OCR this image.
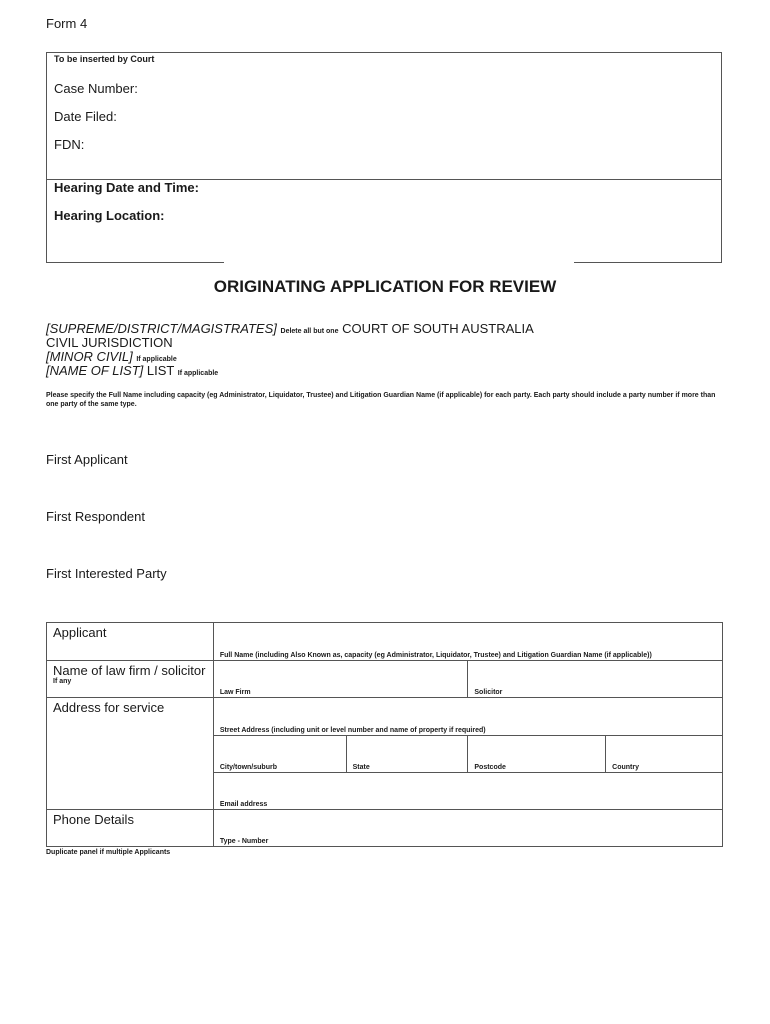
Form 4
To be inserted by Court
Case Number:
Date Filed:
FDN:
Hearing Date and Time:
Hearing Location:
ORIGINATING APPLICATION FOR REVIEW
[SUPREME/DISTRICT/MAGISTRATES] Delete all but one COURT OF SOUTH AUSTRALIA
CIVIL JURISDICTION
[MINOR CIVIL] If applicable
[NAME OF LIST] LIST If applicable
Please specify the Full Name including capacity (eg Administrator, Liquidator, Trustee) and Litigation Guardian Name (if applicable) for each party. Each party should include a party number if more than one party of the same type.
First Applicant
First Respondent
First Interested Party
Applicant	Full Name (including Also Known as, capacity (eg Administrator, Liquidator, Trustee) and Litigation Guardian Name (if applicable))			

Name of law firm / solicitor
If any	Law Firm		Solicitor	

Address for service	Street Address (including unit or level number and name of property if required)			

	City/town/suburb	State	Postcode	Country

	Email address			

Phone Details	Type - Number			
Duplicate panel if multiple Applicants
